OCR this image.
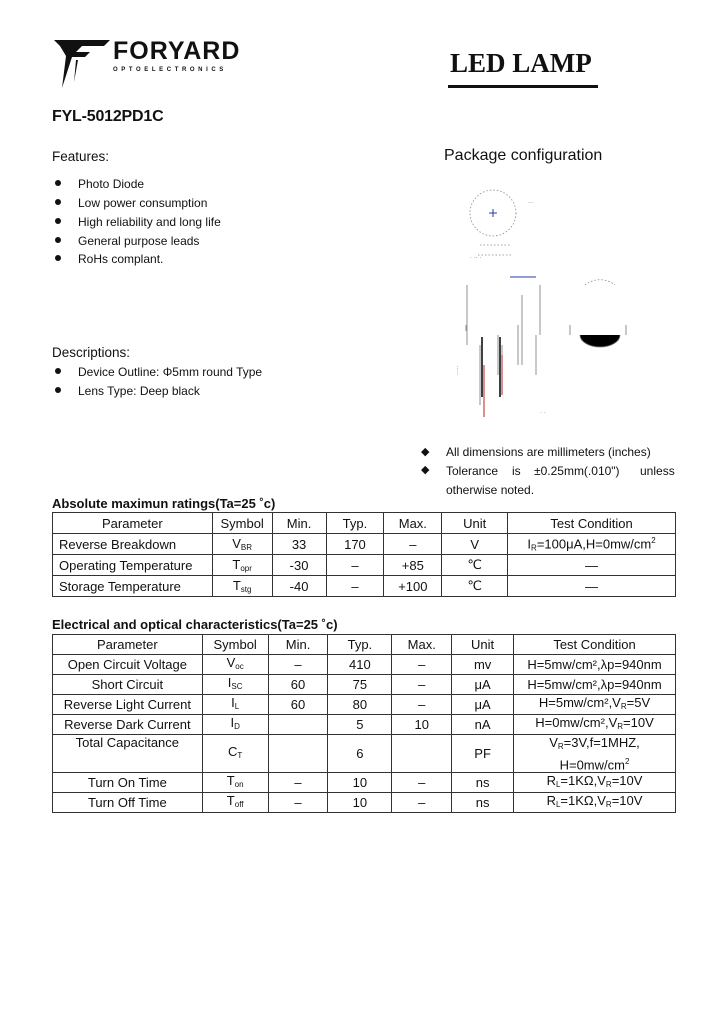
FORYARD
OPTOELECTRONICS	LED LAMP
FYL-5012PD1C
Features:
Photo Diode
Low power consumption
High reliability and long life
General purpose leads
RoHs complant.
Descriptions:
Device Outline: Φ5mm round Type
Lens Type: Deep black
Package configuration
·····
···
· ·· ·
· ·
◆ All dimensions are millimeters (inches)
◆ Tolerance is ±0.25mm(.010") unless
otherwise noted.
Absolute maximun ratings(Ta=25 ˚c)
Parameter	Symbol	Min.	Typ.	Max.	Unit	Test Condition
Reverse Breakdown	$V_{BR}$	33	170	–	V	$I_R=100\mu A,H=0mw/cm^2$
Operating Temperature	$T_{opr}$	-30	–	+85	℃	—
Storage Temperature	$T_{stg}$	-40	–	+100	℃	—
Electrical and optical characteristics(Ta=25 ˚c)
Parameter	Symbol	Min.	Typ.	Max.	Unit	Test Condition
Open Circuit Voltage	$V_{oc}$	–	410	–	mv	H=5mw/cm²,λp=940nm
Short Circuit	$I_{SC}$	60	75	–	μA	H=5mw/cm²,λp=940nm
Reverse Light Current	$I_L$	60	80	–	μA	$H=5mw/cm^2,V_R=5V$
Reverse Dark Current	$I_D$		5	10	nA	$H=0mw/cm^2,V_R=10V$
Total Capacitance	$C_T$		6		PF	$V_R=3V,f=1MHZ$,
$H=0mw/cm^2$
Turn On Time	$T_{on}$	–	10	–	ns	$R_L=1K\Omega,V_R=10V$
Turn Off Time	$T_{off}$	–	10	–	ns	$R_L=1K\Omega,V_R=10V$
